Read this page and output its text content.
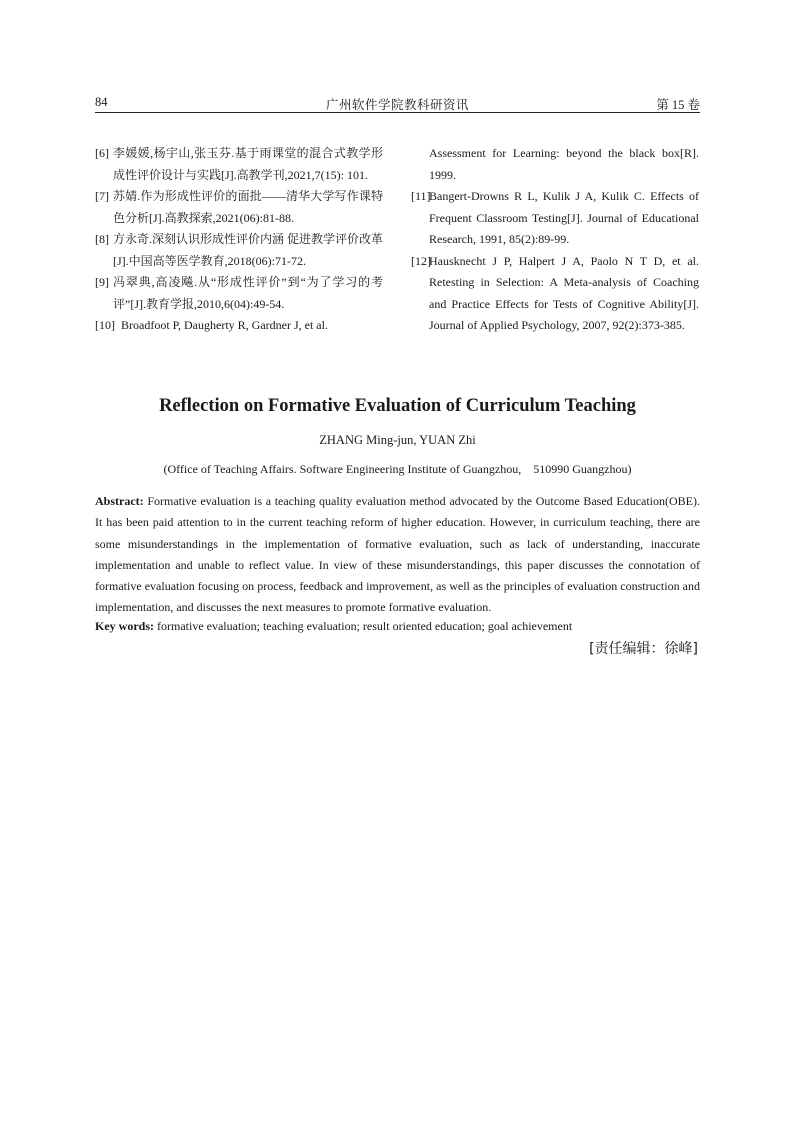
84	广州软件学院教科研资讯	第 15 卷
[6] 李媛媛,杨宇山,张玉芬.基于雨课堂的混合式教学形成性评价设计与实践[J].高教学刊,2021,7(15): 101.
[7] 苏婧.作为形成性评价的面批——清华大学写作课特色分析[J].高教探索,2021(06):81-88.
[8] 方永奇.深刻认识形成性评价内涵 促进教学评价改革[J].中国高等医学教育,2018(06):71-72.
[9] 冯翠典,高凌飚.从“形成性评价”到“为了学习的考评”[J].教育学报,2010,6(04):49-54.
[10] Broadfoot P, Daugherty R, Gardner J, et al.
Assessment for Learning: beyond the black box[R]. 1999.
[11]
Bangert-Drowns R L, Kulik J A, Kulik C. Effects of Frequent Classroom Testing[J]. Journal of Educational Research, 1991, 85(2):89-99.
[12]
Hausknecht J P, Halpert J A, Paolo N T D, et al. Retesting in Selection: A Meta-analysis of Coaching and Practice Effects for Tests of Cognitive Ability[J]. Journal of Applied Psychology, 2007, 92(2):373-385.
Reflection on Formative Evaluation of Curriculum Teaching
ZHANG Ming-jun, YUAN Zhi
(Office of Teaching Affairs. Software Engineering Institute of Guangzhou,    510990 Guangzhou)
Abstract: Formative evaluation is a teaching quality evaluation method advocated by the Outcome Based Education(OBE). It has been paid attention to in the current teaching reform of higher education. However, in curriculum teaching, there are some misunderstandings in the implementation of formative evaluation, such as lack of understanding, inaccurate implementation and unable to reflect value. In view of these misunderstandings, this paper discusses the connotation of formative evaluation focusing on process, feedback and improvement, as well as the principles of evaluation construction and implementation, and discusses the next measures to promote formative evaluation.
Key words: formative evaluation; teaching evaluation; result oriented education; goal achievement
[责任编辑：徐峰]
